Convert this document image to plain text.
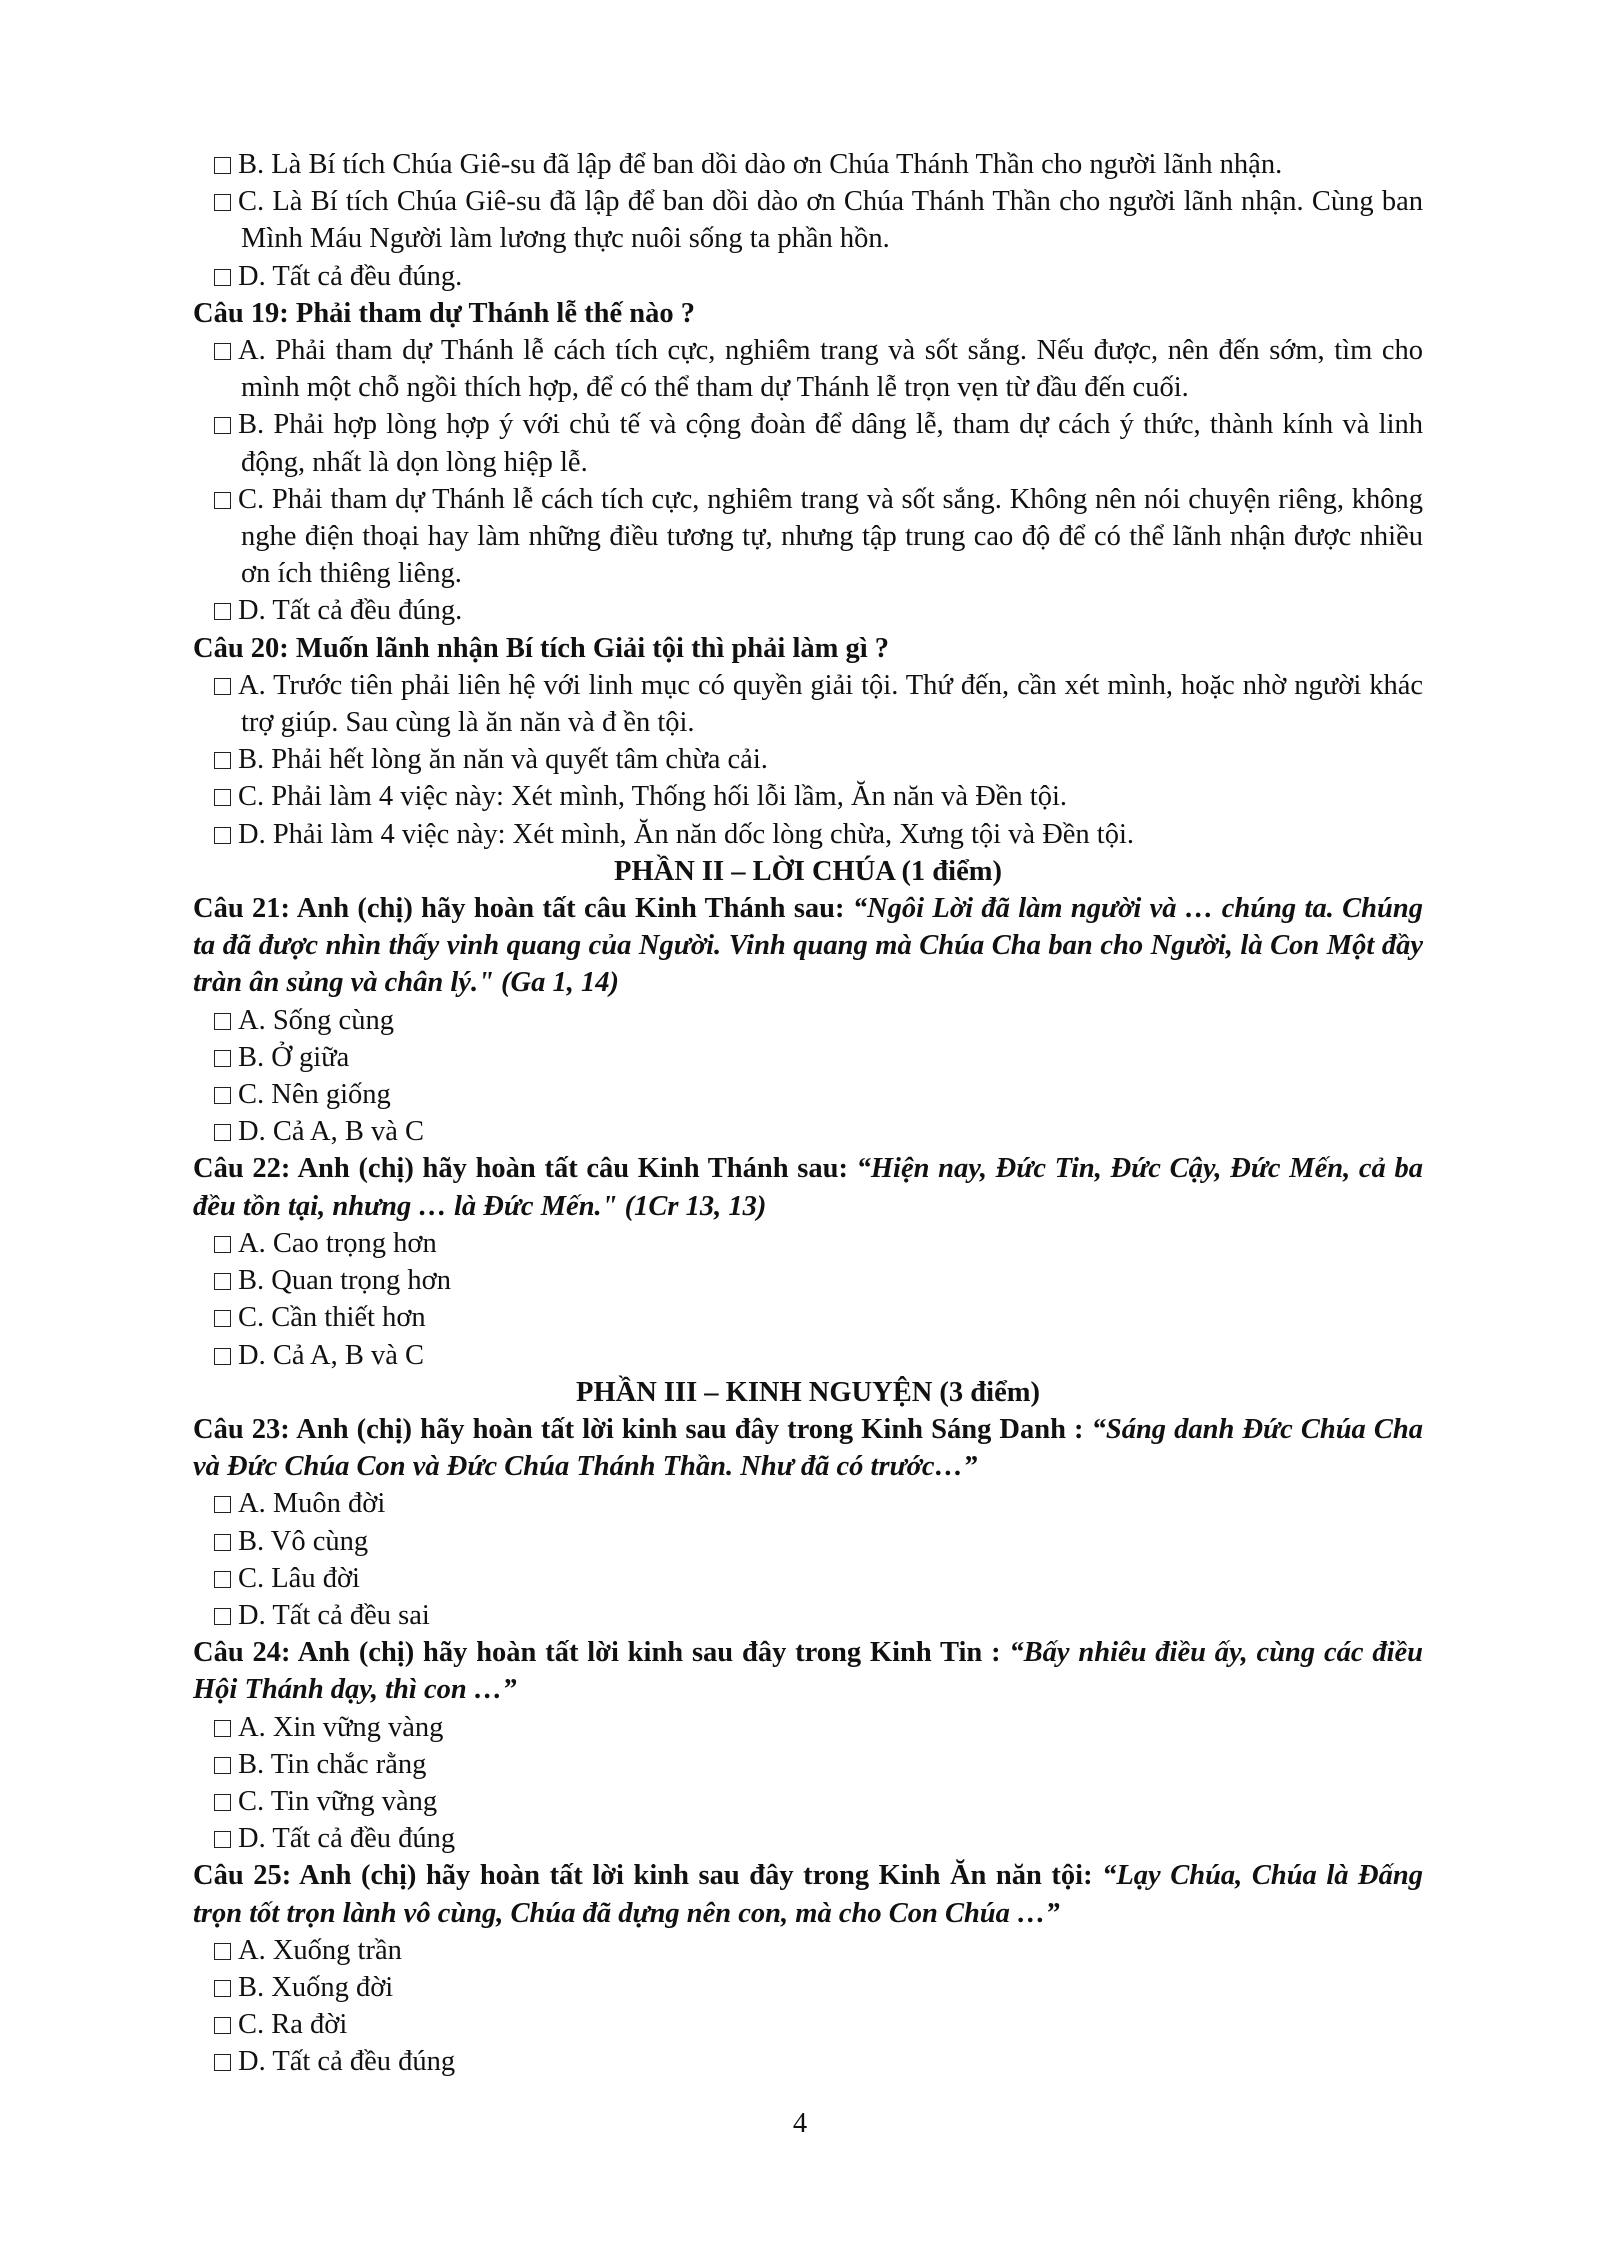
B. Là Bí tích Chúa Giê-su đã lập để ban dồi dào ơn Chúa Thánh Thần cho người lãnh nhận.
C. Là Bí tích Chúa Giê-su đã lập để ban dồi dào ơn Chúa Thánh Thần cho người lãnh nhận. Cùng ban Mình Máu Người làm lương thực nuôi sống ta phần hồn.
D. Tất cả đều đúng.
Câu 19: Phải tham dự Thánh lễ thế nào ?
A. Phải tham dự Thánh lễ cách tích cực, nghiêm trang và sốt sắng. Nếu được, nên đến sớm, tìm cho mình một chỗ ngồi thích hợp, để có thể tham dự Thánh lễ trọn vẹn từ đầu đến cuối.
B. Phải hợp lòng hợp ý với chủ tế và cộng đoàn để dâng lễ, tham dự cách ý thức, thành kính và linh động, nhất là dọn lòng hiệp lễ.
C. Phải tham dự Thánh lễ cách tích cực, nghiêm trang và sốt sắng. Không nên nói chuyện riêng, không nghe điện thoại hay làm những điều tương tự, nhưng tập trung cao độ để có thể lãnh nhận được nhiều ơn ích thiêng liêng.
D. Tất cả đều đúng.
Câu 20: Muốn lãnh nhận Bí tích Giải tội thì phải làm gì ?
A. Trước tiên phải liên hệ với linh mục có quyền giải tội. Thứ đến, cần xét mình, hoặc nhờ người khác trợ giúp. Sau cùng là ăn năn và đ ền tội.
B. Phải hết lòng ăn năn và quyết tâm chừa cải.
C. Phải làm 4 việc này: Xét mình, Thống hối lỗi lầm, Ăn năn và Đền tội.
D. Phải làm 4 việc này: Xét mình, Ăn năn dốc lòng chừa, Xưng tội và Đền tội.
PHẦN II – LỜI CHÚA (1 điểm)
Câu 21: Anh (chị) hãy hoàn tất câu Kinh Thánh sau: “Ngôi Lời đã làm người và … chúng ta. Chúng ta đã được nhìn thấy vinh quang của Người. Vinh quang mà Chúa Cha ban cho Người, là Con Một đầy tràn ân sủng và chân lý." (Ga 1, 14)
A. Sống cùng
B. Ở giữa
C. Nên giống
D. Cả A, B và C
Câu 22: Anh (chị) hãy hoàn tất câu Kinh Thánh sau: “Hiện nay, Đức Tin, Đức Cậy, Đức Mến, cả ba đều tồn tại, nhưng … là Đức Mến." (1Cr 13, 13)
A. Cao trọng hơn
B. Quan trọng hơn
C. Cần thiết hơn
D. Cả A, B và C
PHẦN III – KINH NGUYỆN (3 điểm)
Câu 23: Anh (chị) hãy hoàn tất lời kinh sau đây trong Kinh Sáng Danh : “Sáng danh Đức Chúa Cha và Đức Chúa Con và Đức Chúa Thánh Thần. Như đã có trước…”
A. Muôn đời
B. Vô cùng
C. Lâu đời
D. Tất cả đều sai
Câu 24: Anh (chị) hãy hoàn tất lời kinh sau đây trong Kinh Tin : “Bấy nhiêu điều ấy, cùng các điều Hội Thánh dạy, thì con …”
A. Xin vững vàng
B. Tin chắc rằng
C. Tin vững vàng
D. Tất cả đều đúng
Câu 25: Anh (chị) hãy hoàn tất lời kinh sau đây trong Kinh Ăn năn tội: “Lạy Chúa, Chúa là Đấng trọn tốt trọn lành vô cùng, Chúa đã dựng nên con, mà cho Con Chúa …”
A. Xuống trần
B. Xuống đời
C. Ra đời
D. Tất cả đều đúng
4
